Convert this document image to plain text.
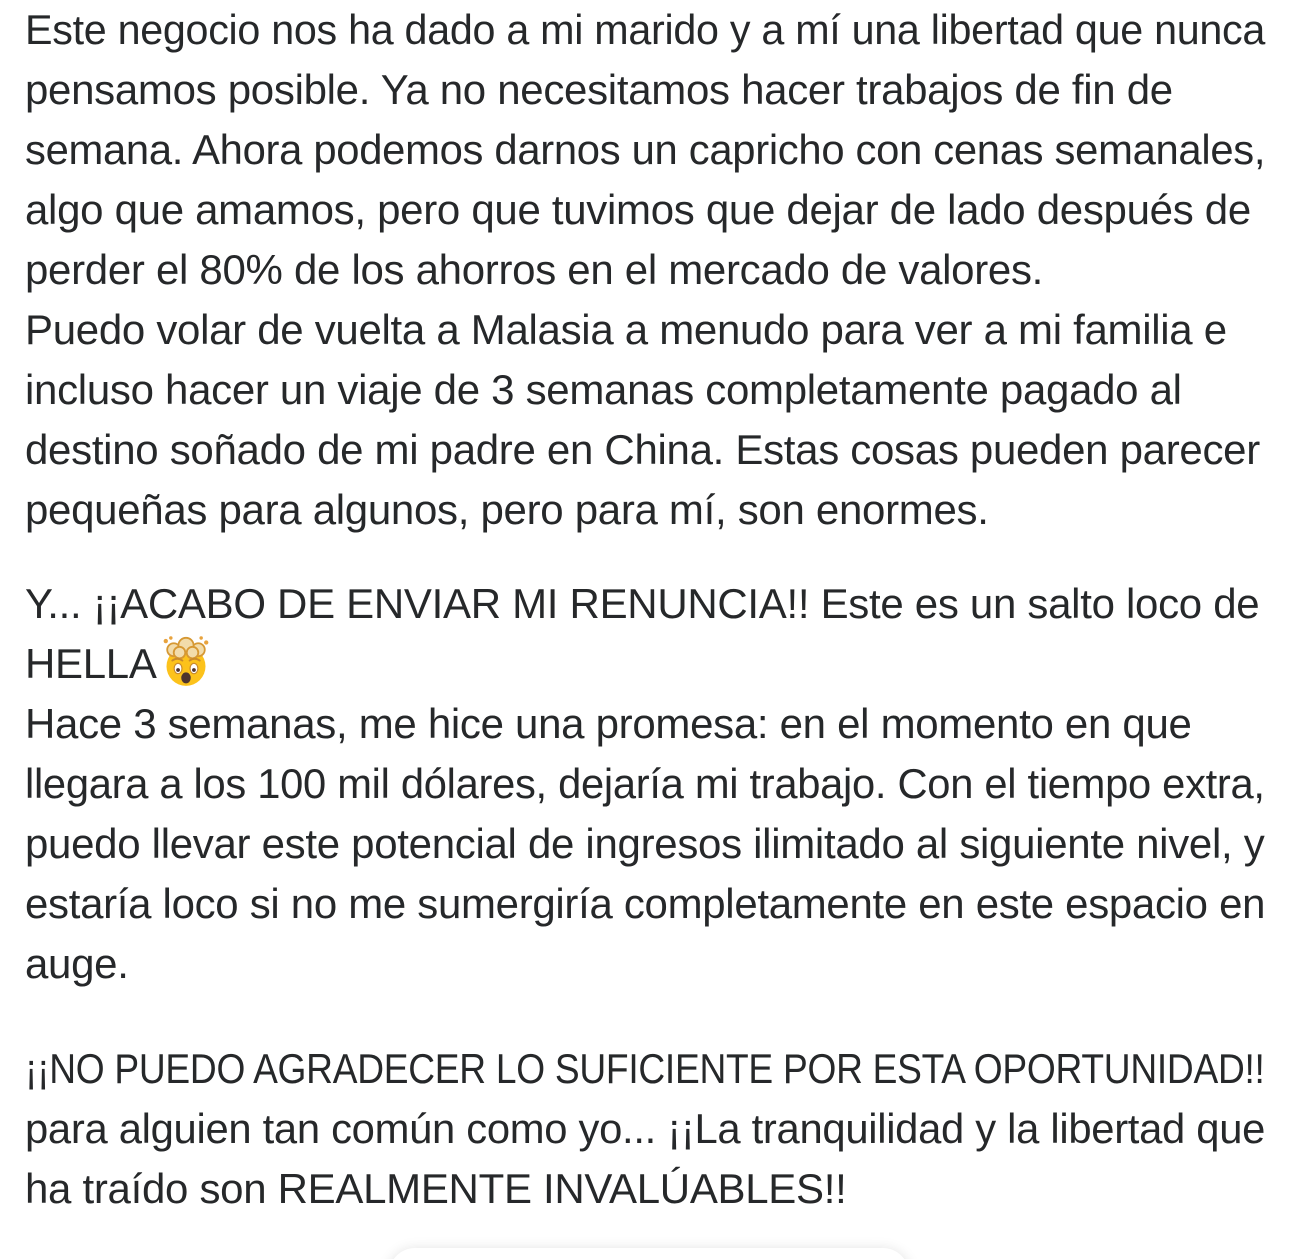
Este negocio nos ha dado a mi marido y a mí una libertad que nunca
pensamos posible. Ya no necesitamos hacer trabajos de fin de
semana. Ahora podemos darnos un capricho con cenas semanales,
algo que amamos, pero que tuvimos que dejar de lado después de
perder el 80% de los ahorros en el mercado de valores.
Puedo volar de vuelta a Malasia a menudo para ver a mi familia e
incluso hacer un viaje de 3 semanas completamente pagado al
destino soñado de mi padre en China. Estas cosas pueden parecer
pequeñas para algunos, pero para mí, son enormes.
Y... ¡¡ACABO DE ENVIAR MI RENUNCIA!! Este es un salto loco de
HELLA
Hace 3 semanas, me hice una promesa: en el momento en que
llegara a los 100 mil dólares, dejaría mi trabajo. Con el tiempo extra,
puedo llevar este potencial de ingresos ilimitado al siguiente nivel, y
estaría loco si no me sumergiría completamente en este espacio en
auge.
¡¡NO PUEDO AGRADECER LO SUFICIENTE POR ESTA OPORTUNIDAD!!
para alguien tan común como yo... ¡¡La tranquilidad y la libertad que
ha traído son REALMENTE INVALÚABLES!!
